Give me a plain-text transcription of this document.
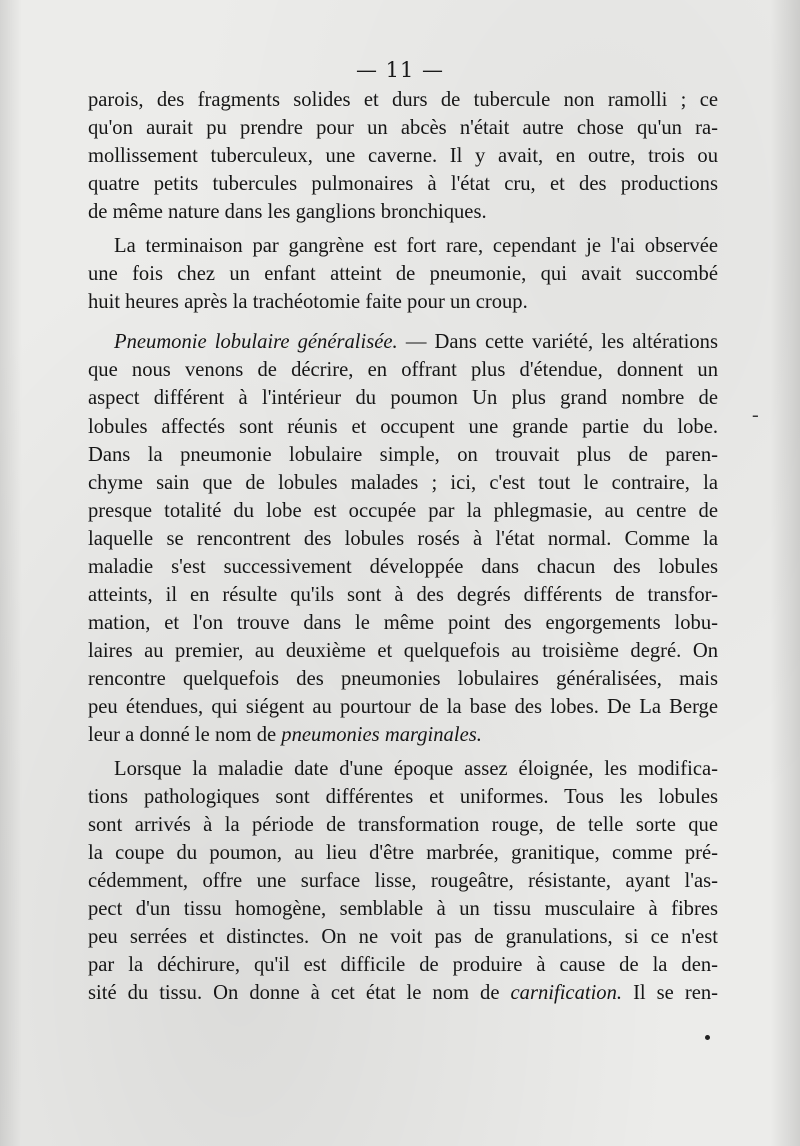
— 11 —

parois, des fragments solides et durs de tubercule non ramolli ; ce
qu'on aurait pu prendre pour un abcès n'était autre chose qu'un ra-
mollissement tuberculeux, une caverne. Il y avait, en outre, trois ou
quatre petits tubercules pulmonaires à l'état cru, et des productions
de même nature dans les ganglions bronchiques.

La terminaison par gangrène est fort rare, cependant je l'ai observée
une fois chez un enfant atteint de pneumonie, qui avait succombé
huit heures après la trachéotomie faite pour un croup.

Pneumonie lobulaire généralisée. — Dans cette variété, les altérations
que nous venons de décrire, en offrant plus d'étendue, donnent un
aspect différent à l'intérieur du poumon Un plus grand nombre de
lobules affectés sont réunis et occupent une grande partie du lobe.
Dans la pneumonie lobulaire simple, on trouvait plus de paren-
chyme sain que de lobules malades ; ici, c'est tout le contraire, la
presque totalité du lobe est occupée par la phlegmasie, au centre de
laquelle se rencontrent des lobules rosés à l'état normal. Comme la
maladie s'est successivement développée dans chacun des lobules
atteints, il en résulte qu'ils sont à des degrés différents de transfor-
mation, et l'on trouve dans le même point des engorgements lobu-
laires au premier, au deuxième et quelquefois au troisième degré. On
rencontre quelquefois des pneumonies lobulaires généralisées, mais
peu étendues, qui siégent au pourtour de la base des lobes. De La Berge
leur a donné le nom de pneumonies marginales.

Lorsque la maladie date d'une époque assez éloignée, les modifica-
tions pathologiques sont différentes et uniformes. Tous les lobules
sont arrivés à la période de transformation rouge, de telle sorte que
la coupe du poumon, au lieu d'être marbrée, granitique, comme pré-
cédemment, offre une surface lisse, rougeâtre, résistante, ayant l'as-
pect d'un tissu homogène, semblable à un tissu musculaire à fibres
peu serrées et distinctes. On ne voit pas de granulations, si ce n'est
par la déchirure, qu'il est difficile de produire à cause de la den-
sité du tissu. On donne à cet état le nom de carnification. Il se ren-

-
